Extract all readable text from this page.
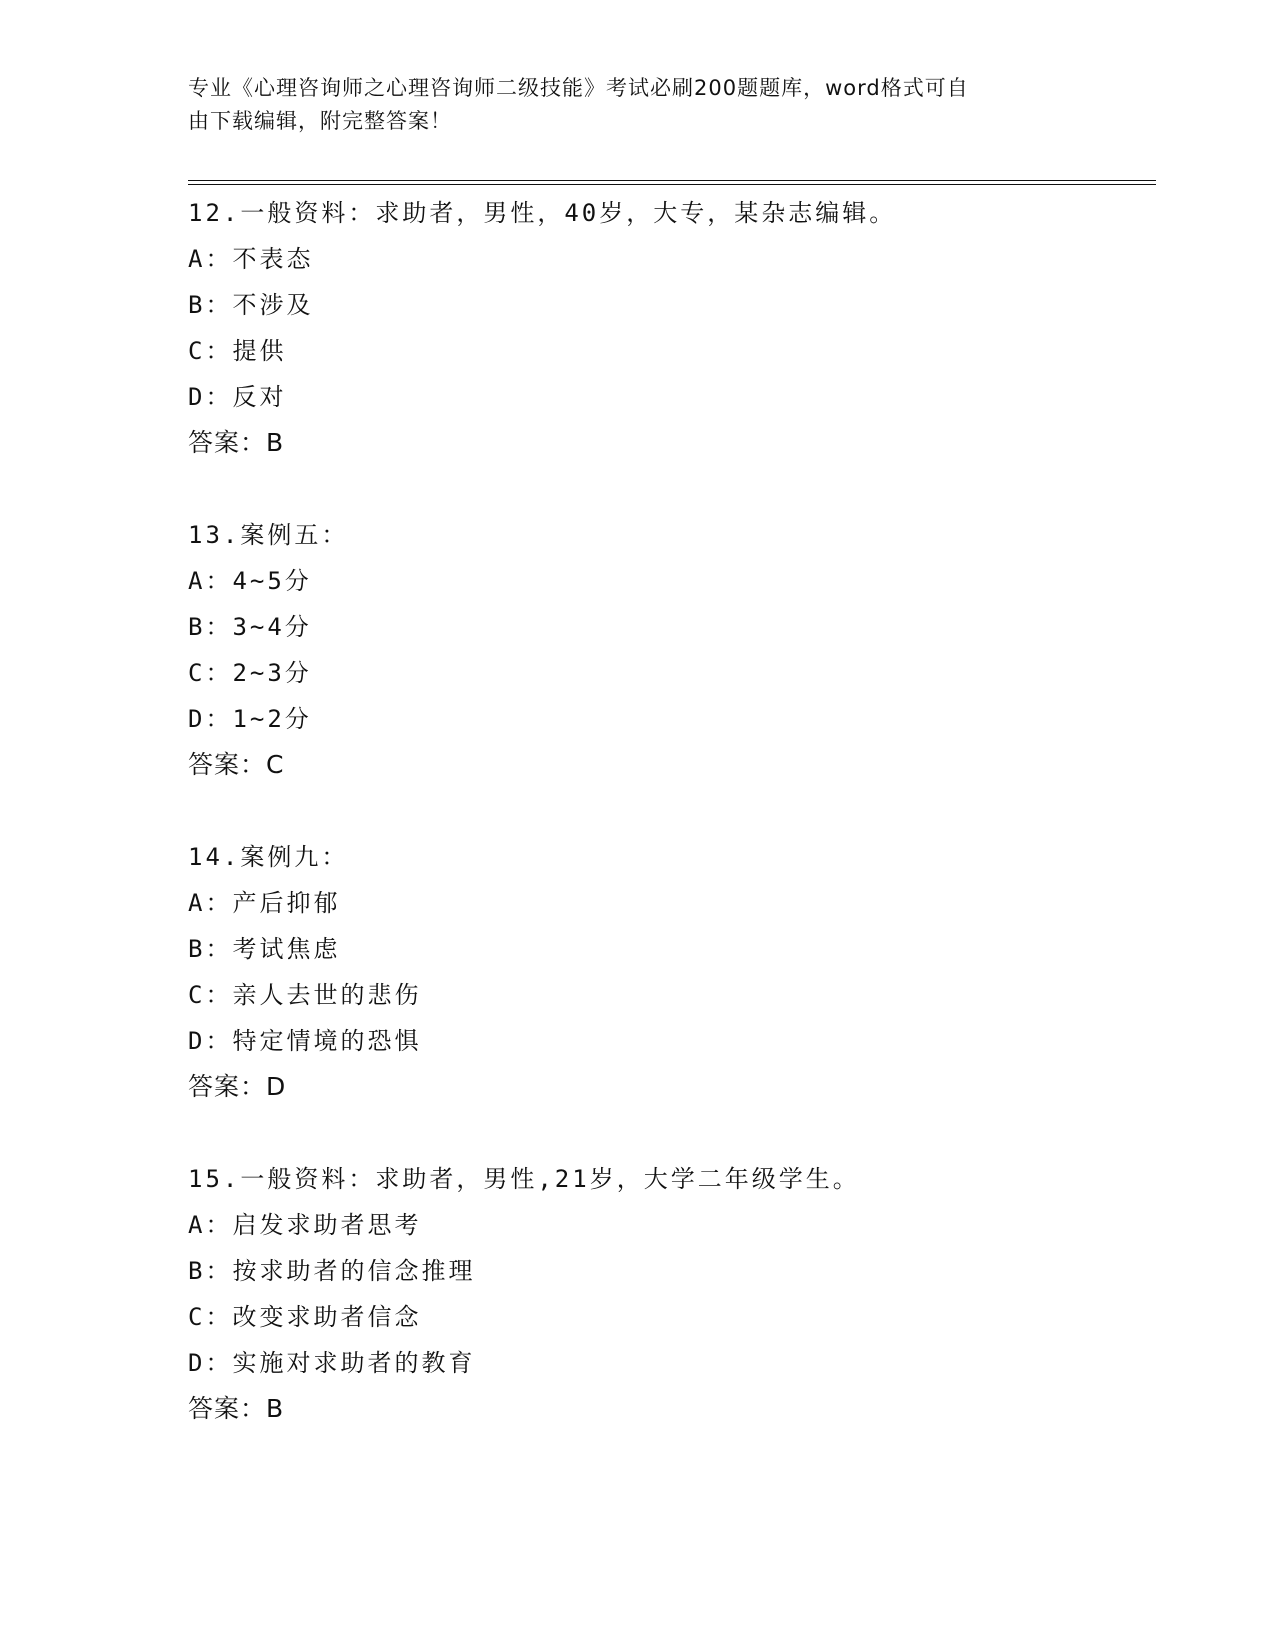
专业《心理咨询师之心理咨询师二级技能》考试必刷200题题库，word格式可自
由下载编辑，附完整答案！
12.一般资料：求助者，男性，40岁，大专，某杂志编辑。
A：不表态
B：不涉及
C：提供
D：反对
答案：B
13.案例五：
A：4~5分
B：3~4分
C：2~3分
D：1~2分
答案：C
14.案例九：
A：产后抑郁
B：考试焦虑
C：亲人去世的悲伤
D：特定情境的恐惧
答案：D
15.一般资料：求助者，男性,21岁，大学二年级学生。
A：启发求助者思考
B：按求助者的信念推理
C：改变求助者信念
D：实施对求助者的教育
答案：B
